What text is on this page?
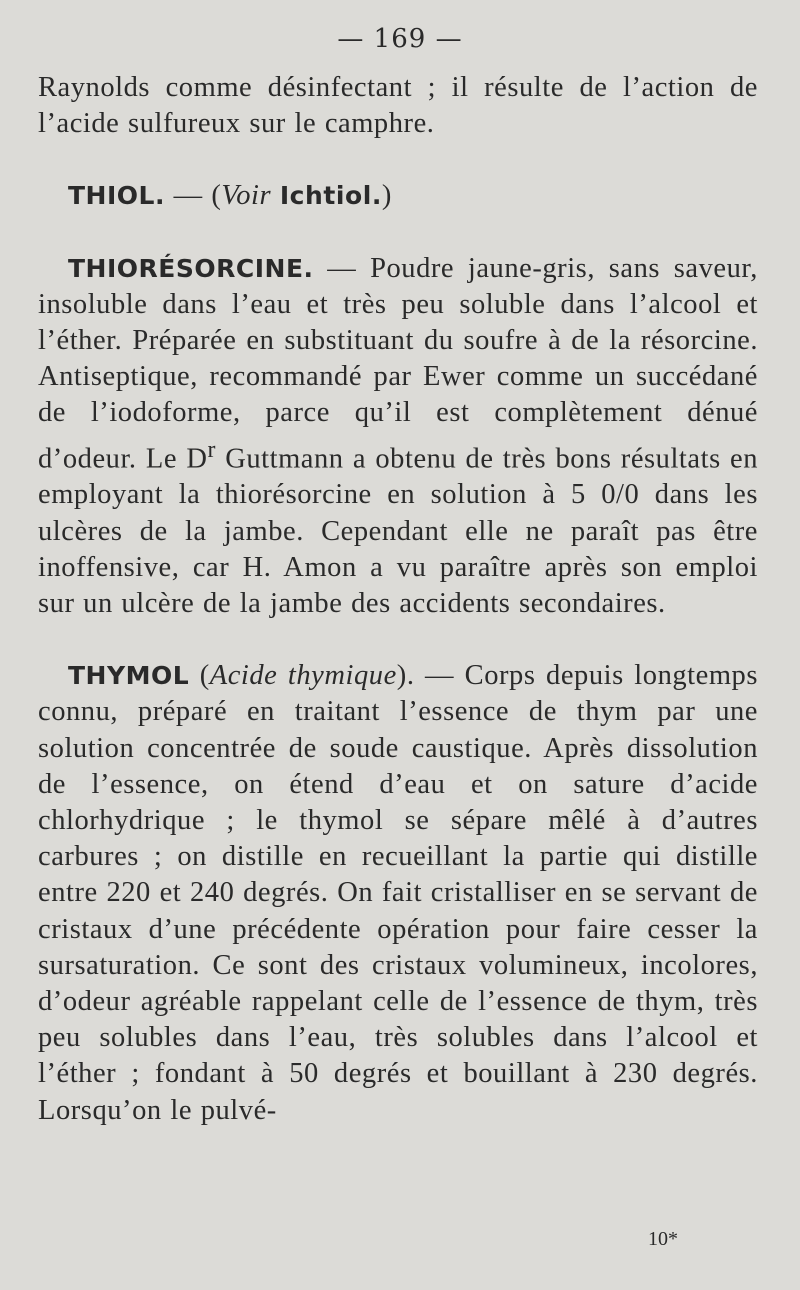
— 169 —

Raynolds comme désinfectant ; il résulte de l’action de l’acide sulfureux sur le camphre.

THIOL. — (Voir Ichtiol.)

THIORÉSORCINE. — Poudre jaune-gris, sans saveur, insoluble dans l’eau et très peu soluble dans l’alcool et l’éther. Préparée en substituant du soufre à de la résorcine. Antiseptique, recommandé par Ewer comme un succédané de l’iodoforme, parce qu’il est complètement dénué d’odeur. Le $D^r$ Guttmann a obtenu de très bons résultats en employant la thiorésorcine en solution à 5 0/0 dans les ulcères de la jambe. Cependant elle ne paraît pas être inoffensive, car H. Amon a vu paraître après son emploi sur un ulcère de la jambe des accidents secondaires.

THYMOL (Acide thymique). — Corps depuis longtemps connu, préparé en traitant l’essence de thym par une solution concentrée de soude caustique. Après dissolution de l’essence, on étend d’eau et on sature d’acide chlorhydrique ; le thymol se sépare mêlé à d’autres carbures ; on distille en recueillant la partie qui distille entre 220 et 240 degrés. On fait cristalliser en se servant de cristaux d’une précédente opération pour faire cesser la sursaturation. Ce sont des cristaux volumineux, incolores, d’odeur agréable rappelant celle de l’essence de thym, très peu solubles dans l’eau, très solubles dans l’alcool et l’éther ; fondant à 50 degrés et bouillant à 230 degrés. Lorsqu’on le pulvé-

10*
